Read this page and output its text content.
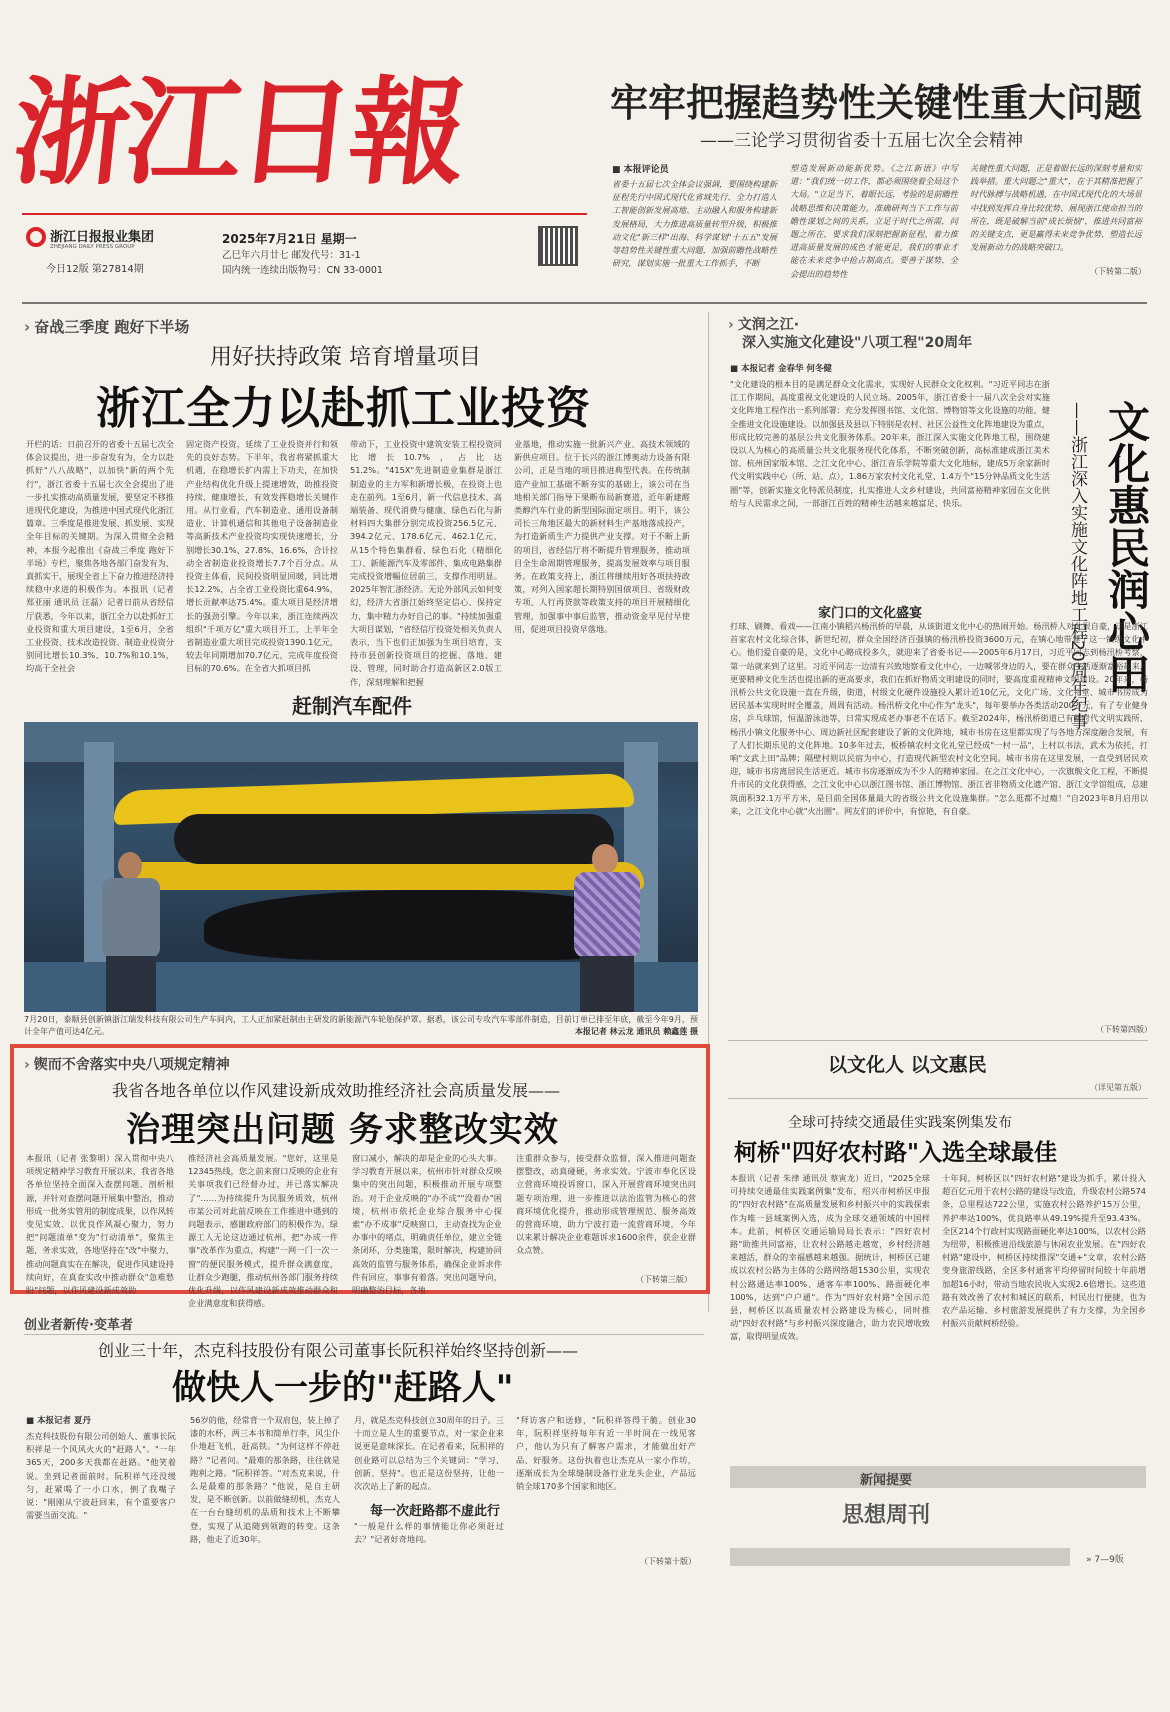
浙江日報
浙江日报报业集团
ZHEJIANG DAILY PRESS GROUP
今日12版 第27814期
2025年7月21日 星期一
乙巳年六月廿七 邮发代号：31-1
国内统一连续出版物号：CN 33-0001
牢牢把握趋势性关键性重大问题
——三论学习贯彻省委十五届七次全会精神
■ 本报评论员
省委十五届七次全体会议强调，要围绕构建新征程先行中国式现代化省域先行、全力打造人工智能创新发展高地、主动融入和服务构建新发展格局，大力推进高质量转型升级，积极推动文化"新三样"出海、科学谋划"十五五"发展等趋势性关键性重大问题，加强前瞻性战略性研究，谋划实施一批重大工作抓手，不断
塑造发展新动能新优势。《之江新语》中写道："我们统一切工作，都必须围绕着全局这个大局。"立足当下，着眼长远，考验的是前瞻性战略思维和决策能力。准确研判当下工作与前瞻性谋划之间的关系，立足于时代之所需，问题之所在，要求我们深刻把握新征程，着力推进高质量发展的成色才能更足，我们的事业才能在未来竞争中抢占制高点。要善于谋势，全会提出的趋势性
关键性重大问题，正是着眼长远的深刻考量和实践举措。重大问题之"重大"，在于其精准把握了时代脉搏与战略机遇，在中国式现代化的大场景中找到发挥自身比较优势、展现浙江使命担当的所在，既是破解当前"成长烦恼"，推进共同富裕的关键支点，更是赢得未来竞争优势、塑造长远发展新动力的战略突破口。
（下转第二版）
› 奋战三季度 跑好下半场
用好扶持政策 培育增量项目
浙江全力以赴抓工业投资
开栏的话：日前召开的省委十五届七次全体会议提出，进一步奋发有为，全力以赴抓好"八八战略"，以加快"新的两个先行"，浙江省委十五届七次全会提出了进一步扎实推动高质量发展，要坚定不移推进现代化建设，为推进中国式现代化浙江篇章。三季度是推进发展、抓发展、实现全年目标的关键期。为深入贯彻全会精神，本报今起推出《奋战三季度 跑好下半场》专栏，聚焦各地各部门奋发有为、真抓实干，展现全省上下奋力推进经济持续稳中求进的积极作为。本报讯（记者 郑亚丽 通讯员 汪磊）记者日前从省经信厅获悉，今年以来，浙江全力以赴抓好工业投资和重大项目建设，1至6月，全省工业投资、技术改造投资、制造业投资分别同比增长10.3%、10.7%和10.1%，均高于全社会
固定资产投资，延续了工业投资并行和领先的良好态势。下半年，我省将紧抓重大机遇，在稳增长扩内需上下功夫，在加快产业结构优化升级上提速增效，助推投资持续、健康增长，有效发挥稳增长关键作用。从行业看，汽车制造业、通用设备制造业、计算机通信和其他电子设备制造业等高新技术产业投资均实现快速增长，分别增长30.1%、27.8%、16.6%，合计拉动全省制造业投资增长7.7个百分点。从投资主体看，民间投资明显回暖，同比增长12.2%，占全省工业投资比重64.9%，增长贡献率达75.4%。重大项目是经济增长的强劲引擎。今年以来，浙江连续两次组织"千项万亿"重大项目开工，上半年全省制造业重大项目完成投资1390.1亿元，较去年同期增加70.7亿元，完成年度投资目标的70.6%。在全省大抓项目抓
带动下，工业投资中建筑安装工程投资同比增长10.7%，占比达51.2%。"415X"先进制造业集群是浙江制造业的主力军和新增长极，在投资上也走在前列。1至6月，新一代信息技术、高端装备、现代消费与健康、绿色石化与新材料四大集群分别完成投资256.5亿元、394.2亿元、178.6亿元、462.1亿元，从15个特色集群看，绿色石化（精细化工）、新能源汽车及零部件、集成电路集群完成投资增幅位居前三，支撑作用明显。2025年智汇浙经济。无论外部风云如何变幻，经济大省浙江始终坚定信心、保持定力，集中精力办好自己的事。"持续加强重大项目谋划，"省经信厅投资处相关负责人表示，当下也们正加强为生项目培育，支持市县创新投资项目的挖掘、落地、建设、管理，同时助合打造高新区2.0版工作，深刻理解和把握
业基地，推动实施一批新兴产业、高技术领域的新供应项目。位于长兴的浙江博奥动力设备有限公司，正是当地的项目推进典型代表。在传统制造产业加工基础不断夯实的基础上，该公司在当地相关部门指导下果断布局新赛道，近年新建醛类醇汽车行业的新型国际面定项目。明下，该公司长三角地区最大的新材料生产基地落成投产，为打造新质生产力提供产业支撑。对于不断上新的项目，省经信厅将不断提升管理服务，推动项目全生命周期管理服务，提高发展效率与项目服务。在政策支持上，浙江将继续用好各项扶持政策，对列入国家超长期特别国债项目、省级财政专项、人行再贷款等政策支持的项目开展精细化管理，加强事中事后监管，推动资金早见付早使用，促进项目投资早落地。
赶制汽车配件
7月20日，泰顺县创新镇浙江瑞发科技有限公司生产车间内，工人正加紧赶制由主研发的新能源汽车轮胎保护罩。据悉，该公司专攻汽车零部件制造，目前订单已排至年底，截至今年9月，预计全年产值可达4亿元。	本报记者 林云龙 通讯员 赖鑫莲 摄
› 文润之江·
深入实施文化建设"八项工程"20周年
■ 本报记者 金春华 何冬健
文化惠民润心田
——浙江深入实施文化阵地工程20周年纪事
"文化建设的根本目的是满足群众文化需求，实现好人民群众文化权利。"习近平同志在浙江工作期间，高度重视文化建设的人民立场。2005年，浙江省委十一届八次全会对实施文化阵地工程作出一系列部署：充分发挥图书馆、文化馆、博物馆等文化设施的功能，健全推进文化设施建设。以加强县及县以下特别是农村、社区公益性文化阵地建设为重点，形成比较完善的基层公共文化服务体系。20年来，浙江深入实施文化阵地工程，围绕建设以人为核心的高质量公共文化服务现代化体系，不断突破创新，高标准建成浙江美术馆、杭州国家版本馆、之江文化中心、浙江音乐学院等重大文化地标，建成5万余家新时代文明实践中心（所、站、点），1.86万家农村文化礼堂、1.4万个"15分钟品质文化生活圈"等，创新实施文化特派员制度，扎实推进人文乡村建设，共同富裕精神家园在文化供给与人民需求之间，一部浙江百姓的精神生活越来越富足、快乐。
家门口的文化盛宴
打球、刷舞、看戏——江南小镇稻兴杨汛桥的早晨，从该街道文化中心的热闹开始。杨汛桥人对此很自豪，这是浙江首家农村文化综合体，新世纪初，群众全国经济百强镇的杨汛桥投资3600万元，在镇心地带建了这一镇级文化中心。他们爱自豪的是，文化中心略成投多久，就迎来了省委书记——2005年6月17日，习近平同志到杨汛桥考察，第一站就来到了这里。习近平同志一边清有兴致地察看文化中心，一边喊邻身边的人，要在群众生活逐渐富裕起来，更要精神文化生活也提出新的更高要求，我们在抓好物质文明建设的同时，要高度重视精神文明建设。20年来，杨汛桥公共文化设施一直在升级，街道，村级文化硬件设施投入累计近10亿元，文化广场、文化礼堂、城市书房成为居民基本实现时时全覆盖，周周有活动。杨汛桥文化中心作为"龙头"，每年要举办各类活动200万元，有了专业健身房，乒乓球馆，恒温游泳池等，日常实现成老办事老不在话下。截至2024年，杨汛桥街道已有新时代文明实践所、杨汛小镇文化服务中心、周边新社区配套建设了新的文化阵地，城市书房在这里都实现了与各地方深度融合发展，有了人们长期乐见的文化阵地。10多年过去，板桥镇农村文化礼堂已经成"一村一品"，上村以书法，武术为依托，打响"文武上田"品牌；隔壁村则以民宿为中心，打造现代新型农村文化空间。城市书房在这里发展，一直受到居民欢迎，城市书房离居民生活更近。城市书房逐渐成为不少人的精神家园。在之江文化中心，一次旗舰文化工程，不断提升市民的文化获得感，之江文化中心以浙江图书馆、浙江博物馆、浙江省非物质文化遗产馆、浙江文学馆组成，总建筑面积32.1万平方米，是目前全国体量最大的省级公共文化设施集群。"怎么逛都不过瘾！"自2023年8月启用以来，之江文化中心就"火出圈"。网友们的评价中，有惊艳，有自豪。
（下转第四版）
以文化人 以文惠民
（详见第五版）
全球可持续交通最佳实践案例集发布
柯桥"四好农村路"入选全球最佳
本报讯（记者 朱律 通讯员 蔡寅龙）近日，"2025全球可持续交通最佳实践案例集"发布，绍兴市柯桥区申报的"四好农村路"在高质量发展和乡村振兴中的实践探索作为唯一县域案例入选，成为全球交通领域的中国样本。此前，柯桥区交通运输局局长表示："四好农村路"助推共同富裕，让农村公路越走越宽，乡村经济越来越活，群众的幸福感越来越强。据统计，柯桥区已建成以农村公路为主体的公路网络超1530公里，实现农村公路通达率100%、通客车率100%、路面硬化率100%，达到"户户通"。作为"四好农村路"全国示范县，柯桥区以高质量农村公路建设为核心，同时推动"四好农村路"与乡村振兴深度融合，助力农民增收致富，取得明显成效。
十年间，柯桥区以"四好农村路"建设为抓手，累计投入超百亿元用于农村公路的建设与改造，升级农村公路574条，总里程达722公里，实施农村公路养护15万公里，养护率达100%，优良路率从49.19%提升至93.43%。全区214个行政村实现路面硬化率达100%，以农村公路为纽带，积极推进沿线旅游与休闲农业发展。在"四好农村路"建设中，柯桥区持续推深"交通+"文章，农村公路变身旅游线路，全区多村通客平均停留时间较十年前增加超16小时，带动当地农民收入实现2.6倍增长。这些道路有效改善了农村和城区的联系，村民出行便捷，也为农产品运输、乡村旅游发展提供了有力支撑，为全国乡村振兴贡献柯桥经验。
› 锲而不舍落实中央八项规定精神
我省各地各单位以作风建设新成效助推经济社会高质量发展——
治理突出问题 务求整改实效
本报讯（记者 张黎明）深入贯彻中央八项规定精神学习教育开展以来，我省各地各单位坚持全面深入查摆问题、剖析根源，并针对查摆问题开展集中整治，推动形成一批务实管用的制度成果，以作风转变见实效、以优良作风凝心聚力，努力把"问题清单"变为"行动清单"，聚焦主题，务求实效，各地坚持在"改"中聚力，推动问题真实在在解决，促进作风建设持续向好，在真查实改中推动群众"急难愁盼"问题，以作风建设新成效助
推经济社会高质量发展。"您好，这里是12345热线，您之前来窗口反映的企业有关事项我们已经督办过，并已落实解决了"……为持续提升为民服务质效，杭州市某公司对此前反映在工作推进中遇到的问题表示，感谢政府部门的积极作为。绿源工人无论这边通过杭州，把"办成一件事"改革作为重点，构建"一网一门一次一窗"的便民服务模式，提升群众满意度，让群众少跑腿，推动杭州各部门服务持续优化升级，以作风建设新成效推动群众和企业满意度和获得感。
窗口减小，解决的却是企业的心头大事。学习教育开展以来，杭州市针对群众反映集中的突出问题，积极推动开展专项整治。对于企业反映的"办不成""没着办"困境，杭州市依托企业综合服务中心探索"办不成事"反映窗口，主动查找为企业办事中的堵点，明确责任单位，建立全链条闭环，分类施策，限时解决，构建协同高效的监管与服务体系，确保企业诉求件件有回应，事事有着落。突出问题导向，明确整治目标，各地
注重群众参与，接受群众监督，深入推进问题查摆整改，动真碰硬，务求实效。宁波市奉化区设立营商环境投诉窗口，深入开展营商环境突出问题专项治理，进一步推进以法治监管为核心的营商环境优化提升，推动形成管理规范、服务高效的营商环境，助力宁波打造一流营商环境，今年以来累计解决企业难题诉求1600余件，获企业群众点赞。
（下转第三版）
创业者新传·变革者
创业三十年，杰克科技股份有限公司董事长阮积祥始终坚持创新——
做快人一步的"赶路人"
■ 本报记者 夏丹
杰克科技股份有限公司创始人、董事长阮积祥是一个风风火火的"赶路人"。"一年365天，200多天我都在赶路。"他笑着说。坐到记者面前时，阮积祥气还没缓匀，赶紧喝了一小口水，倒了我嘴子说："刚刚从宁波赶回来，有个重要客户需要当面交流。"
56岁的他，经常背一个双肩包，装上掉了漆的水杯，两三本书和简单行李，风尘仆仆地赶飞机，赶高铁。"为何这样不停赶路？"记者问。"最难的那条路，往往就是跑利之路。"阮积祥答。"对杰克来说，什么是最难的那条路？"他说，是自主研发，是不断创新。以前做缝纫机，杰克人在一台台缝纫机的品质和技术上不断攀登，实现了从追随到领跑的转变。这条路，他走了近30年。
月，就是杰克科技创立30周年的日子。三十而立是人生的重要节点，对一家企业来说更是意味深长。在记者看来，阮积祥的创业路可以总结为三个关键词："学习、创新、坚持"。也正是这份坚持，让他一次次站上了新的起点。
每一次赶路都不虚此行
"一般是什么样的事情能让你必须赶过去？"记者好奇地问。
"拜访客户和送修，"阮积祥答得干脆。创业30年，阮积祥坚持每年有近一半时间在一线见客户，他认为只有了解客户需求，才能做出好产品、好服务。这份执着也让杰克从一家小作坊，逐渐成长为全球缝制设备行业龙头企业，产品远销全球170多个国家和地区。
（下转第十版）
新闻提要
思想周刊
» 7—9版
